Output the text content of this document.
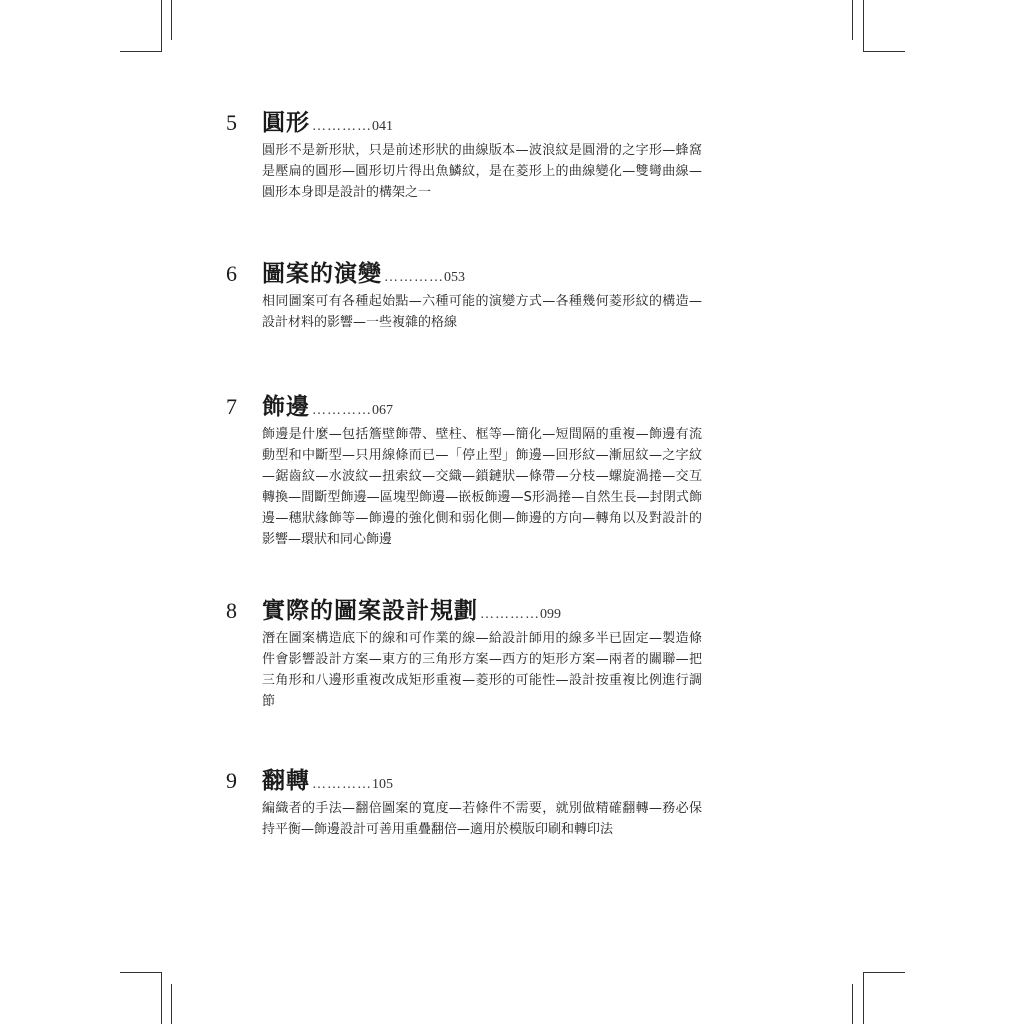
5	圓形 ………… 041
圓形不是新形狀，只是前述形狀的曲線版本—波浪紋是圓滑的之字形—蜂窩是壓扁的圓形—圓形切片得出魚鱗紋，是在菱形上的曲線變化—雙彎曲線—圓形本身即是設計的構架之一
6	圖案的演變 ………… 053
相同圖案可有各種起始點—六種可能的演變方式—各種幾何菱形紋的構造—設計材料的影響—一些複雜的格線
7	飾邊 ………… 067
飾邊是什麼—包括簷壁飾帶、壁柱、框等—簡化—短間隔的重複—飾邊有流動型和中斷型—只用線條而已—「停止型」飾邊—回形紋—漸屈紋—之字紋—鋸齒紋—水波紋—扭索紋—交織—鎖鏈狀—條帶—分枝—螺旋渦捲—交互轉換—間斷型飾邊—區塊型飾邊—嵌板飾邊—S形渦捲—自然生長—封閉式飾邊—穗狀緣飾等—飾邊的強化側和弱化側—飾邊的方向—轉角以及對設計的影響—環狀和同心飾邊
8	實際的圖案設計規劃 ………… 099
潛在圖案構造底下的線和可作業的線—給設計師用的線多半已固定—製造條件會影響設計方案—東方的三角形方案—西方的矩形方案—兩者的關聯—把三角形和八邊形重複改成矩形重複—菱形的可能性—設計按重複比例進行調節
9	翻轉 ………… 105
編織者的手法—翻倍圖案的寬度—若條件不需要，就別做精確翻轉—務必保持平衡—飾邊設計可善用重疊翻倍—適用於模版印刷和轉印法
